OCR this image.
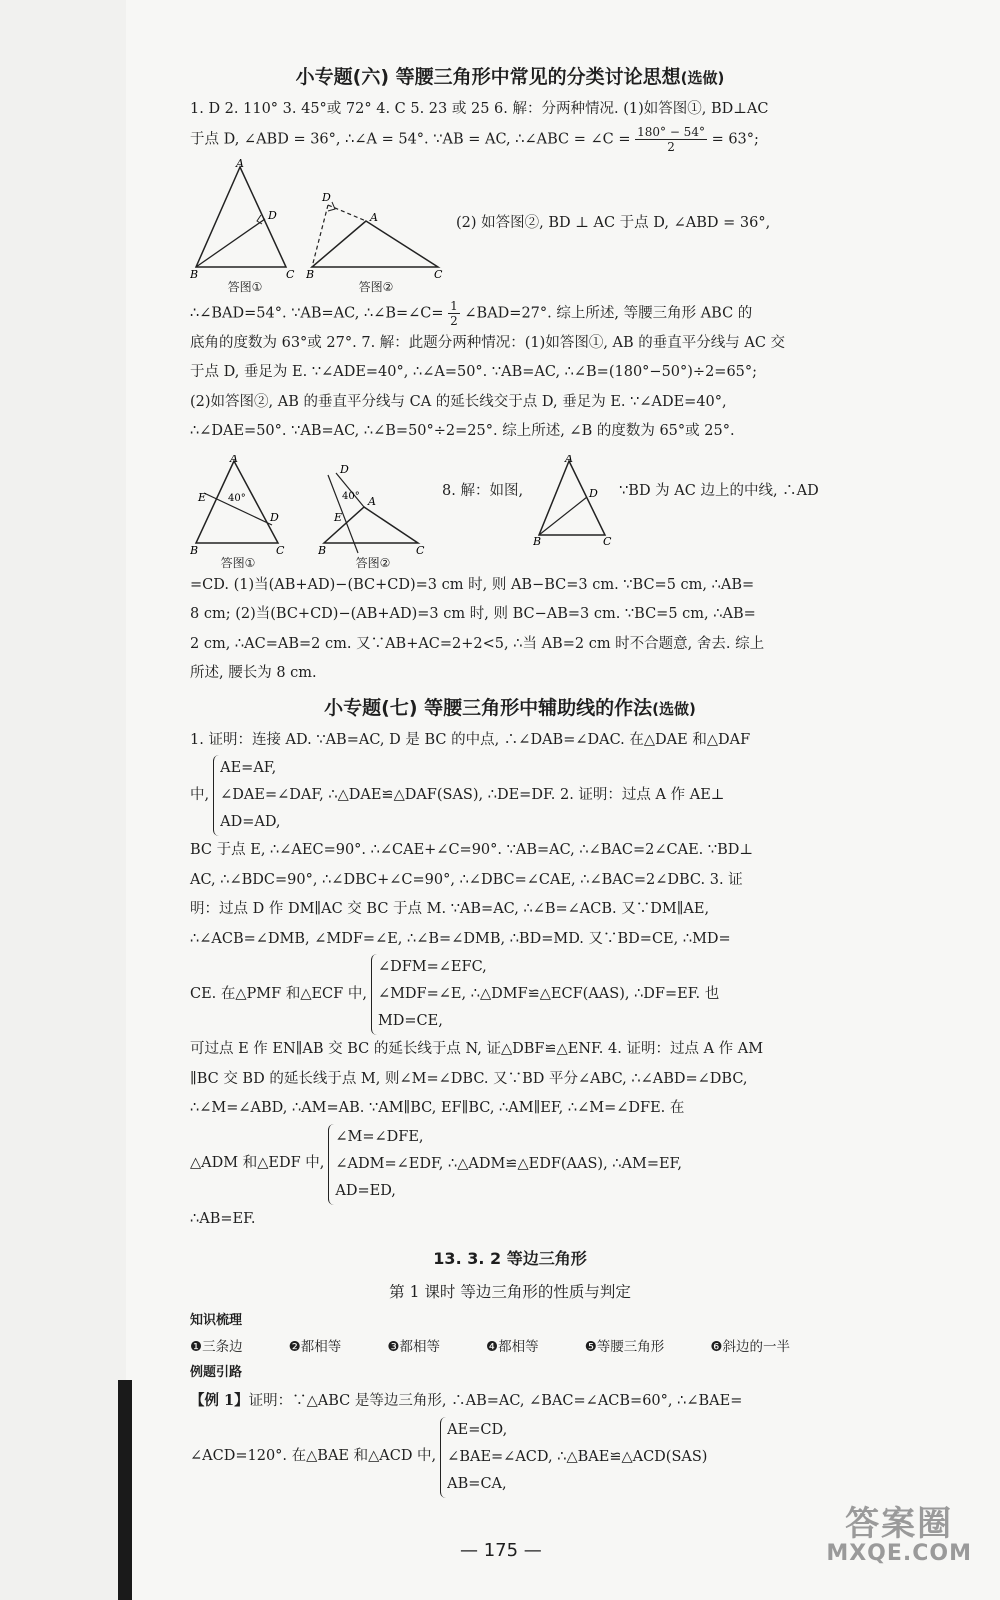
小专题(六) 等腰三角形中常见的分类讨论思想(选做)

1. D 2. 110° 3. 45°或 72° 4. C 5. 23 或 25 6. 解：分两种情况. (1)如答图①, BD⊥AC

于点 D, ∠ABD = 36°, ∴∠A = 54°. ∵AB = AC, ∴∠ABC = ∠C = $\frac{180^\circ - 54^\circ}{2} = 63^\circ$;

A
D
B	C
答图①
D
A
B	C
答图②

(2) 如答图②, BD ⊥ AC 于点 D, ∠ABD = 36°,

∴∠BAD=54°. ∵AB=AC, ∴∠B=∠C= $\frac{1}{2}$ ∠BAD=27°. 综上所述, 等腰三角形 ABC 的

底角的度数为 63°或 27°. 7. 解：此题分两种情况：(1)如答图①, AB 的垂直平分线与 AC 交

于点 D, 垂足为 E. ∵∠ADE=40°, ∴∠A=50°. ∵AB=AC, ∴∠B=(180°−50°)÷2=65°;

(2)如答图②, AB 的垂直平分线与 CA 的延长线交于点 D, 垂足为 E. ∵∠ADE=40°,

∴∠DAE=50°. ∵AB=AC, ∴∠B=50°÷2=25°. 综上所述, ∠B 的度数为 65°或 25°.

A
E
D
40°
B	C
答图①
D
A
E
40°
B	C
答图②
8. 解：如图,
A
D
B	C
∵BD 为 AC 边上的中线, ∴AD

=CD. (1)当(AB+AD)−(BC+CD)=3 cm 时, 则 AB−BC=3 cm. ∵BC=5 cm, ∴AB=

8 cm; (2)当(BC+CD)−(AB+AD)=3 cm 时, 则 BC−AB=3 cm. ∵BC=5 cm, ∴AB=

2 cm, ∴AC=AB=2 cm. 又∵AB+AC=2+2<5, ∴当 AB=2 cm 时不合题意, 舍去. 综上

所述, 腰长为 8 cm.

小专题(七) 等腰三角形中辅助线的作法(选做)

1. 证明：连接 AD. ∵AB=AC, D 是 BC 的中点, ∴∠DAB=∠DAC. 在△DAE 和△DAF

中,
AE=AF,
∠DAE=∠DAF, ∴△DAE≌△DAF(SAS), ∴DE=DF. 2. 证明：过点 A 作 AE⊥
AD=AD,

BC 于点 E, ∴∠AEC=90°. ∴∠CAE+∠C=90°. ∵AB=AC, ∴∠BAC=2∠CAE. ∵BD⊥

AC, ∴∠BDC=90°, ∴∠DBC+∠C=90°, ∴∠DBC=∠CAE, ∴∠BAC=2∠DBC. 3. 证

明：过点 D 作 DM∥AC 交 BC 于点 M. ∵AB=AC, ∴∠B=∠ACB. 又∵DM∥AE,

∴∠ACB=∠DMB, ∠MDF=∠E, ∴∠B=∠DMB, ∴BD=MD. 又∵BD=CE, ∴MD=

CE. 在△PMF 和△ECF 中,
∠DFM=∠EFC,
∠MDF=∠E, ∴△DMF≌△ECF(AAS), ∴DF=EF. 也
MD=CE,

可过点 E 作 EN∥AB 交 BC 的延长线于点 N, 证△DBF≌△ENF. 4. 证明：过点 A 作 AM

∥BC 交 BD 的延长线于点 M, 则∠M=∠DBC. 又∵BD 平分∠ABC, ∴∠ABD=∠DBC,

∴∠M=∠ABD, ∴AM=AB. ∵AM∥BC, EF∥BC, ∴AM∥EF, ∴∠M=∠DFE. 在

△ADM 和△EDF 中,
∠M=∠DFE,
∠ADM=∠EDF, ∴△ADM≌△EDF(AAS), ∴AM=EF,
AD=ED,

∴AB=EF.

13. 3. 2 等边三角形
第 1 课时 等边三角形的性质与判定
知识梳理
❶三条边	❷都相等	❸都相等	❹都相等	❺等腰三角形	❻斜边的一半
例题引路

【例 1】证明：∵△ABC 是等边三角形, ∴AB=AC, ∠BAC=∠ACB=60°, ∴∠BAE=

∠ACD=120°. 在△BAE 和△ACD 中,
AE=CD,
∠BAE=∠ACD, ∴△BAE≌△ACD(SAS)
AB=CA,
— 175 —
答案圈
MXQE.COM
